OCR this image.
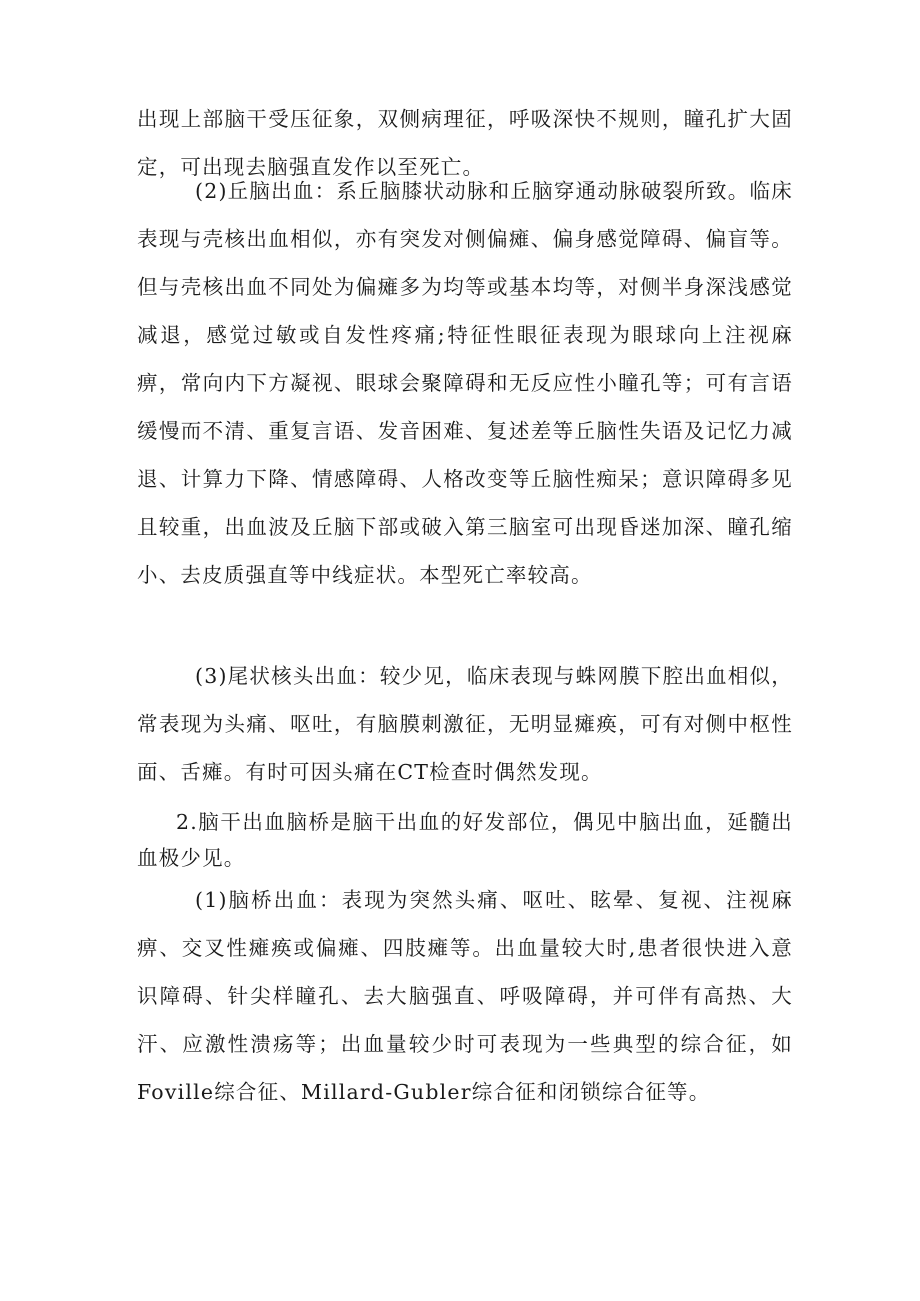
出现上部脑干受压征象，双侧病理征，呼吸深快不规则，瞳孔扩大固定，可出现去脑强直发作以至死亡。

(2)丘脑出血：系丘脑膝状动脉和丘脑穿通动脉破裂所致。临床表现与壳核出血相似，亦有突发对侧偏瘫、偏身感觉障碍、偏盲等。但与壳核出血不同处为偏瘫多为均等或基本均等，对侧半身深浅感觉减退，感觉过敏或自发性疼痛;特征性眼征表现为眼球向上注视麻痹，常向内下方凝视、眼球会聚障碍和无反应性小瞳孔等；可有言语缓慢而不清、重复言语、发音困难、复述差等丘脑性失语及记忆力减退、计算力下降、情感障碍、人格改变等丘脑性痴呆；意识障碍多见且较重，出血波及丘脑下部或破入第三脑室可出现昏迷加深、瞳孔缩小、去皮质强直等中线症状。本型死亡率较高。

(3)尾状核头出血：较少见，临床表现与蛛网膜下腔出血相似，常表现为头痛、呕吐，有脑膜刺激征，无明显瘫痪，可有对侧中枢性面、舌瘫。有时可因头痛在CT检查时偶然发现。

2.脑干出血脑桥是脑干出血的好发部位，偶见中脑出血，延髓出血极少见。

(1)脑桥出血：表现为突然头痛、呕吐、眩晕、复视、注视麻痹、交叉性瘫痪或偏瘫、四肢瘫等。出血量较大时,患者很快进入意识障碍、针尖样瞳孔、去大脑强直、呼吸障碍，并可伴有高热、大汗、应激性溃疡等；出血量较少时可表现为一些典型的综合征，如Foville综合征、Millard-Gubler综合征和闭锁综合征等。
